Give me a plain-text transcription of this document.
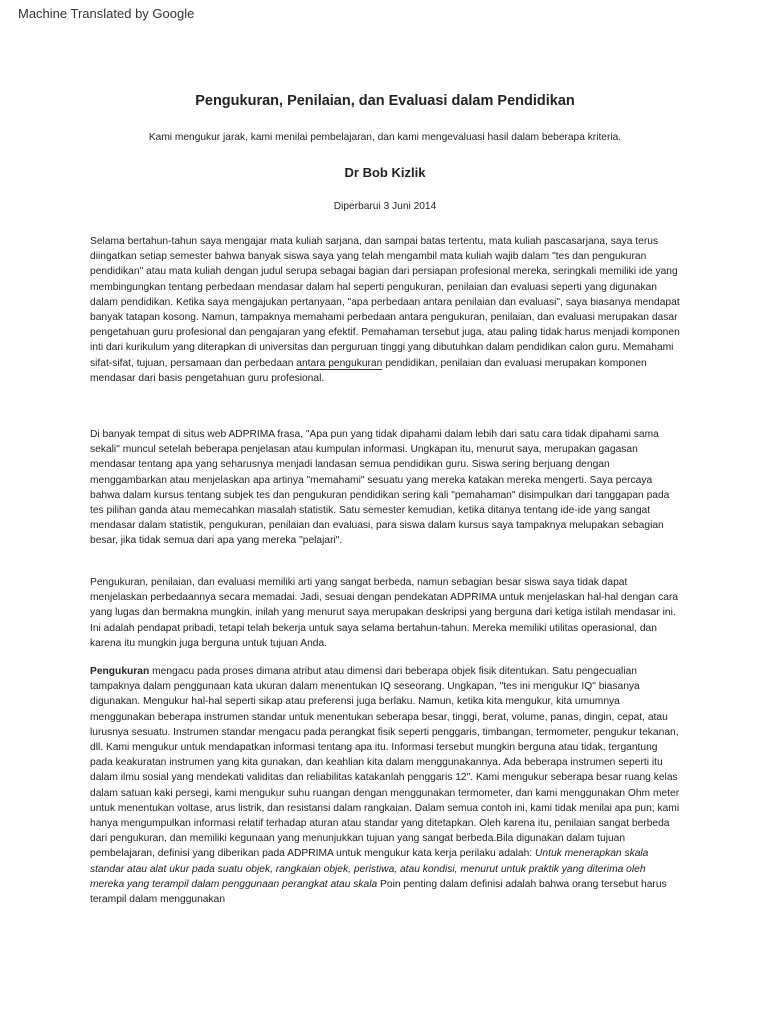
Machine Translated by Google
Pengukuran, Penilaian, dan Evaluasi dalam Pendidikan
Kami mengukur jarak, kami menilai pembelajaran, dan kami mengevaluasi hasil dalam beberapa kriteria.
Dr Bob Kizlik
Diperbarui 3 Juni 2014

Selama bertahun-tahun saya mengajar mata kuliah sarjana, dan sampai batas tertentu, mata kuliah pascasarjana, saya terus diingatkan setiap semester bahwa banyak siswa saya yang telah mengambil mata kuliah wajib dalam "tes dan pengukuran pendidikan" atau mata kuliah dengan judul serupa sebagai bagian dari persiapan profesional mereka, seringkali memiliki ide yang membingungkan tentang perbedaan mendasar dalam hal seperti pengukuran, penilaian dan evaluasi seperti yang digunakan dalam pendidikan. Ketika saya mengajukan pertanyaan, "apa perbedaan antara penilaian dan evaluasi", saya biasanya mendapat banyak tatapan kosong. Namun, tampaknya memahami perbedaan antara pengukuran, penilaian, dan evaluasi merupakan dasar pengetahuan guru profesional dan pengajaran yang efektif. Pemahaman tersebut juga, atau paling tidak harus menjadi komponen inti dari kurikulum yang diterapkan di universitas dan perguruan tinggi yang dibutuhkan dalam pendidikan calon guru. Memahami sifat-sifat, tujuan, persamaan dan perbedaan antara pengukuran pendidikan, penilaian dan evaluasi merupakan komponen mendasar dari basis pengetahuan guru profesional.

Di banyak tempat di situs web ADPRIMA frasa, "Apa pun yang tidak dipahami dalam lebih dari satu cara tidak dipahami sama sekali" muncul setelah beberapa penjelasan atau kumpulan informasi. Ungkapan itu, menurut saya, merupakan gagasan mendasar tentang apa yang seharusnya menjadi landasan semua pendidikan guru. Siswa sering berjuang dengan menggambarkan atau menjelaskan apa artinya "memahami" sesuatu yang mereka katakan mereka mengerti. Saya percaya bahwa dalam kursus tentang subjek tes dan pengukuran pendidikan sering kali "pemahaman" disimpulkan dari tanggapan pada tes pilihan ganda atau memecahkan masalah statistik. Satu semester kemudian, ketika ditanya tentang ide-ide yang sangat mendasar dalam statistik, pengukuran, penilaian dan evaluasi, para siswa dalam kursus saya tampaknya melupakan sebagian besar, jika tidak semua dari apa yang mereka "pelajari".

Pengukuran, penilaian, dan evaluasi memiliki arti yang sangat berbeda, namun sebagian besar siswa saya tidak dapat menjelaskan perbedaannya secara memadai. Jadi, sesuai dengan pendekatan ADPRIMA untuk menjelaskan hal-hal dengan cara yang lugas dan bermakna mungkin, inilah yang menurut saya merupakan deskripsi yang berguna dari ketiga istilah mendasar ini. Ini adalah pendapat pribadi, tetapi telah bekerja untuk saya selama bertahun-tahun. Mereka memiliki utilitas operasional, dan karena itu mungkin juga berguna untuk tujuan Anda.

Pengukuran mengacu pada proses dimana atribut atau dimensi dari beberapa objek fisik ditentukan. Satu pengecualian tampaknya dalam penggunaan kata ukuran dalam menentukan IQ seseorang. Ungkapan, "tes ini mengukur IQ" biasanya digunakan. Mengukur hal-hal seperti sikap atau preferensi juga berlaku. Namun, ketika kita mengukur, kita umumnya menggunakan beberapa instrumen standar untuk menentukan seberapa besar, tinggi, berat, volume, panas, dingin, cepat, atau lurusnya sesuatu. Instrumen standar mengacu pada perangkat fisik seperti penggaris, timbangan, termometer, pengukur tekanan, dll. Kami mengukur untuk mendapatkan informasi tentang apa itu. Informasi tersebut mungkin berguna atau tidak, tergantung pada keakuratan instrumen yang kita gunakan, dan keahlian kita dalam menggunakannya. Ada beberapa instrumen seperti itu dalam ilmu sosial yang mendekati validitas dan reliabilitas katakanlah penggaris 12". Kami mengukur seberapa besar ruang kelas dalam satuan kaki persegi, kami mengukur suhu ruangan dengan menggunakan termometer, dan kami menggunakan Ohm meter untuk menentukan voltase, arus listrik, dan resistansi dalam rangkaian. Dalam semua contoh ini, kami tidak menilai apa pun; kami hanya mengumpulkan informasi relatif terhadap aturan atau standar yang ditetapkan. Oleh karena itu, penilaian sangat berbeda dari pengukuran, dan memiliki kegunaan yang menunjukkan tujuan yang sangat berbeda.Bila digunakan dalam tujuan pembelajaran, definisi yang diberikan pada ADPRIMA untuk mengukur kata kerja perilaku adalah: Untuk menerapkan skala standar atau alat ukur pada suatu objek, rangkaian objek, peristiwa, atau kondisi, menurut untuk praktik yang diterima oleh mereka yang terampil dalam penggunaan perangkat atau skala Poin penting dalam definisi adalah bahwa orang tersebut harus terampil dalam menggunakan
